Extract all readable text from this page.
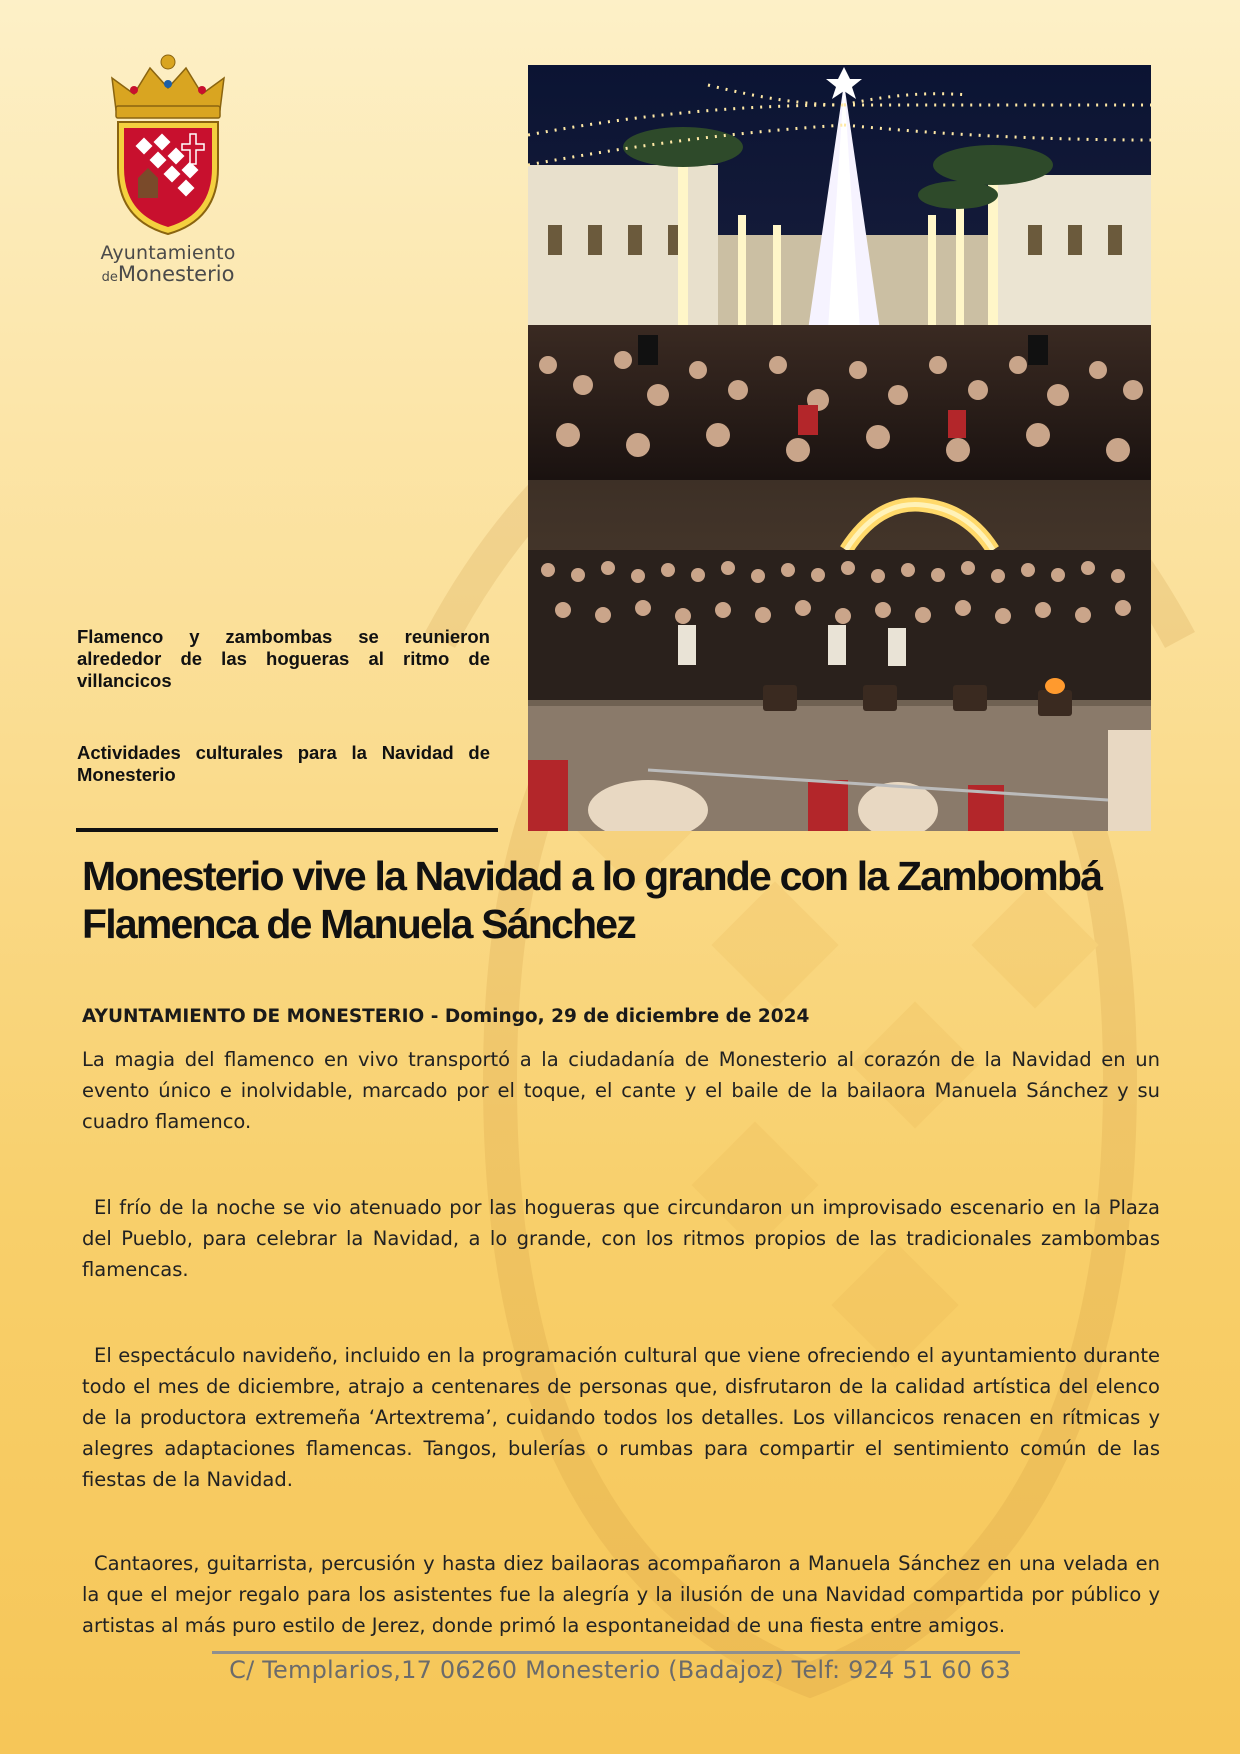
Ayuntamiento
deMonesterio
Flamenco y zambombas se reunieron alrededor de las hogueras al ritmo de villancicos
Actividades culturales para la Navidad de Monesterio
Monesterio vive la Navidad a lo grande con la Zambombá Flamenca de Manuela Sánchez
AYUNTAMIENTO DE MONESTERIO - Domingo, 29 de diciembre de 2024

La magia del flamenco en vivo transportó a la ciudadanía de Monesterio al corazón de la Navidad en un evento único e inolvidable, marcado por el toque, el cante y el baile de la bailaora Manuela Sánchez y su cuadro flamenco.

El frío de la noche se vio atenuado por las hogueras que circundaron un improvisado escenario en la Plaza del Pueblo, para celebrar la Navidad, a lo grande, con los ritmos propios de las tradicionales zambombas flamencas.

El espectáculo navideño, incluido en la programación cultural que viene ofreciendo el ayuntamiento durante todo el mes de diciembre, atrajo a centenares de personas que, disfrutaron de la calidad artística del elenco de la productora extremeña ‘Artextrema’, cuidando todos los detalles. Los villancicos renacen en rítmicas y alegres adaptaciones flamencas. Tangos, bulerías o rumbas para compartir el sentimiento común de las fiestas de la Navidad.

Cantaores, guitarrista, percusión y hasta diez bailaoras acompañaron a Manuela Sánchez en una velada en la que el mejor regalo para los asistentes fue la alegría y la ilusión de una Navidad compartida por público y artistas al más puro estilo de Jerez, donde primó la espontaneidad de una fiesta entre amigos.

C/ Templarios,17 06260 Monesterio (Badajoz) Telf: 924 51 60 63
